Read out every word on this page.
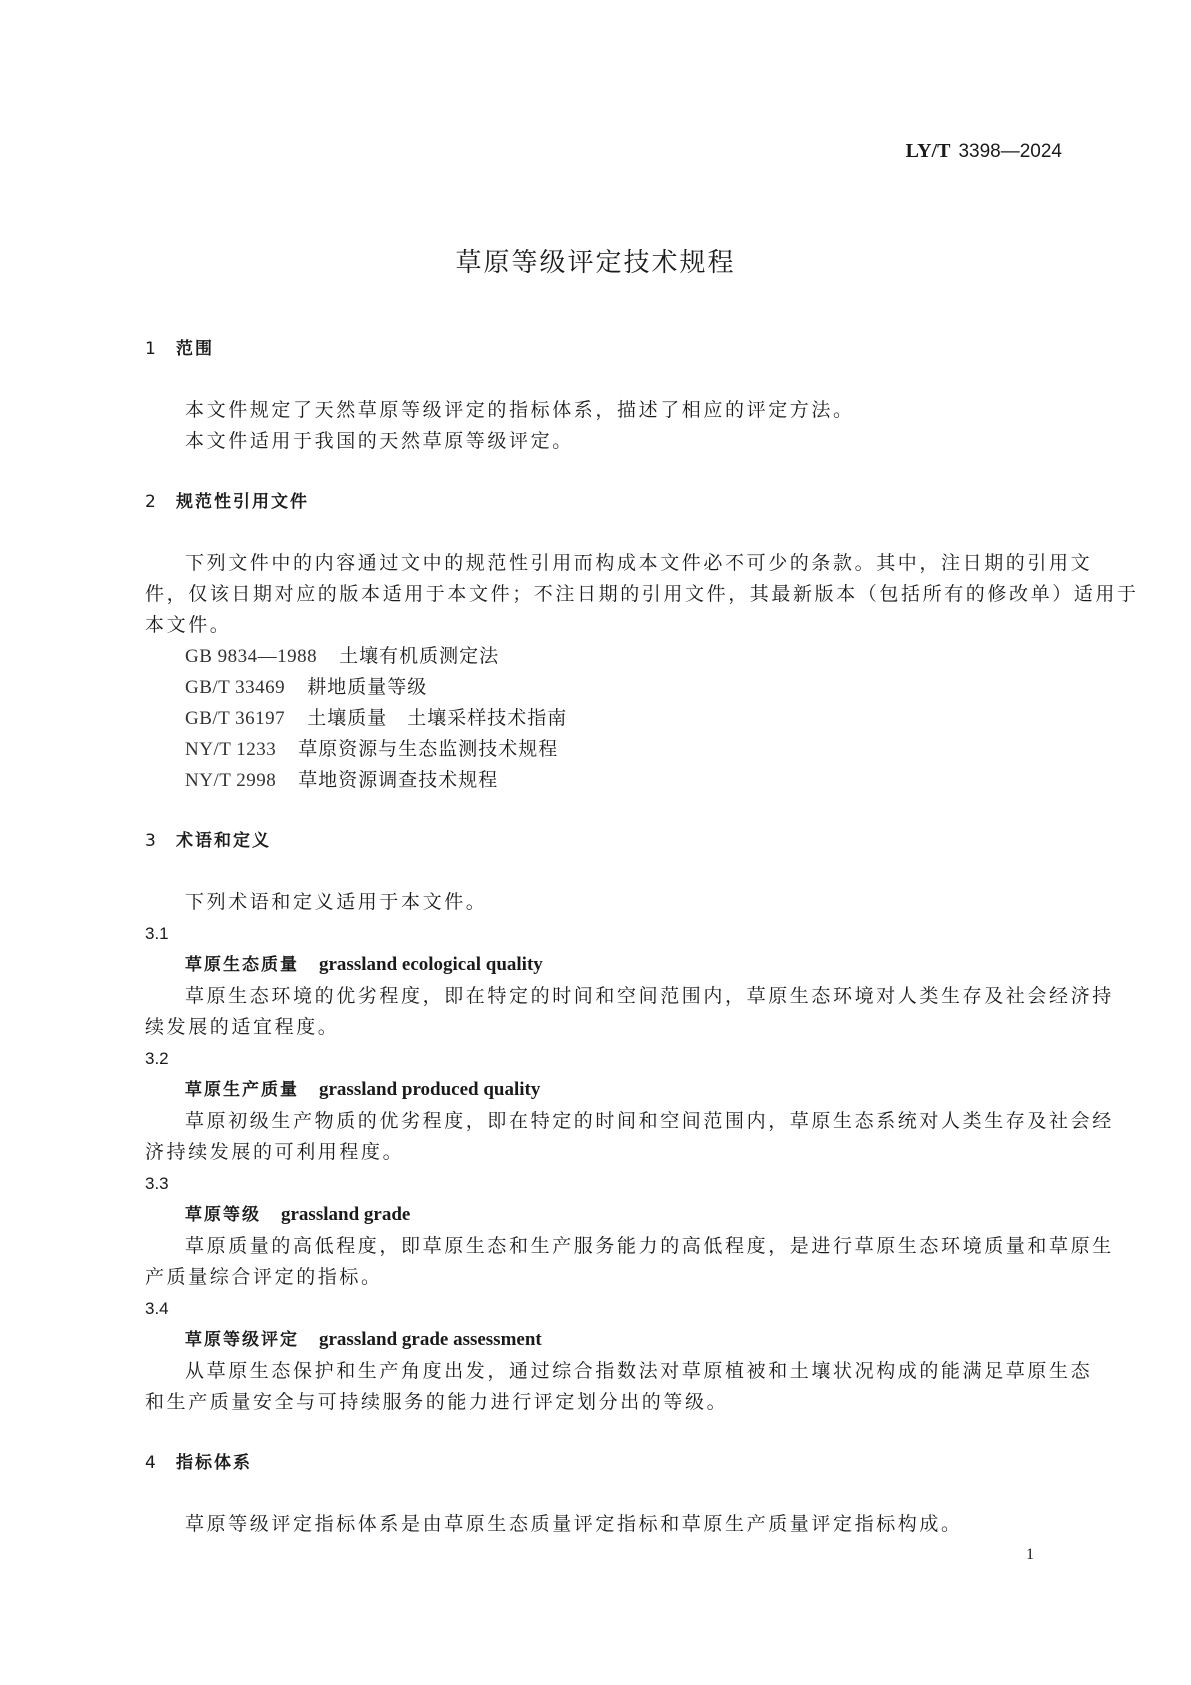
LY/T 3398—2024
草原等级评定技术规程
1 范围
本文件规定了天然草原等级评定的指标体系，描述了相应的评定方法。
本文件适用于我国的天然草原等级评定。
2 规范性引用文件
下列文件中的内容通过文中的规范性引用而构成本文件必不可少的条款。其中，注日期的引用文
件，仅该日期对应的版本适用于本文件；不注日期的引用文件，其最新版本（包括所有的修改单）适用于
本文件。
GB 9834—1988 土壤有机质测定法
GB/T 33469 耕地质量等级
GB/T 36197 土壤质量　土壤采样技术指南
NY/T 1233 草原资源与生态监测技术规程
NY/T 2998 草地资源调查技术规程
3 术语和定义
下列术语和定义适用于本文件。
3.1
草原生态质量 grassland ecological quality
草原生态环境的优劣程度，即在特定的时间和空间范围内，草原生态环境对人类生存及社会经济持
续发展的适宜程度。
3.2
草原生产质量 grassland produced quality
草原初级生产物质的优劣程度，即在特定的时间和空间范围内，草原生态系统对人类生存及社会经
济持续发展的可利用程度。
3.3
草原等级 grassland grade
草原质量的高低程度，即草原生态和生产服务能力的高低程度，是进行草原生态环境质量和草原生
产质量综合评定的指标。
3.4
草原等级评定 grassland grade assessment
从草原生态保护和生产角度出发，通过综合指数法对草原植被和土壤状况构成的能满足草原生态
和生产质量安全与可持续服务的能力进行评定划分出的等级。
4 指标体系
草原等级评定指标体系是由草原生态质量评定指标和草原生产质量评定指标构成。
1
